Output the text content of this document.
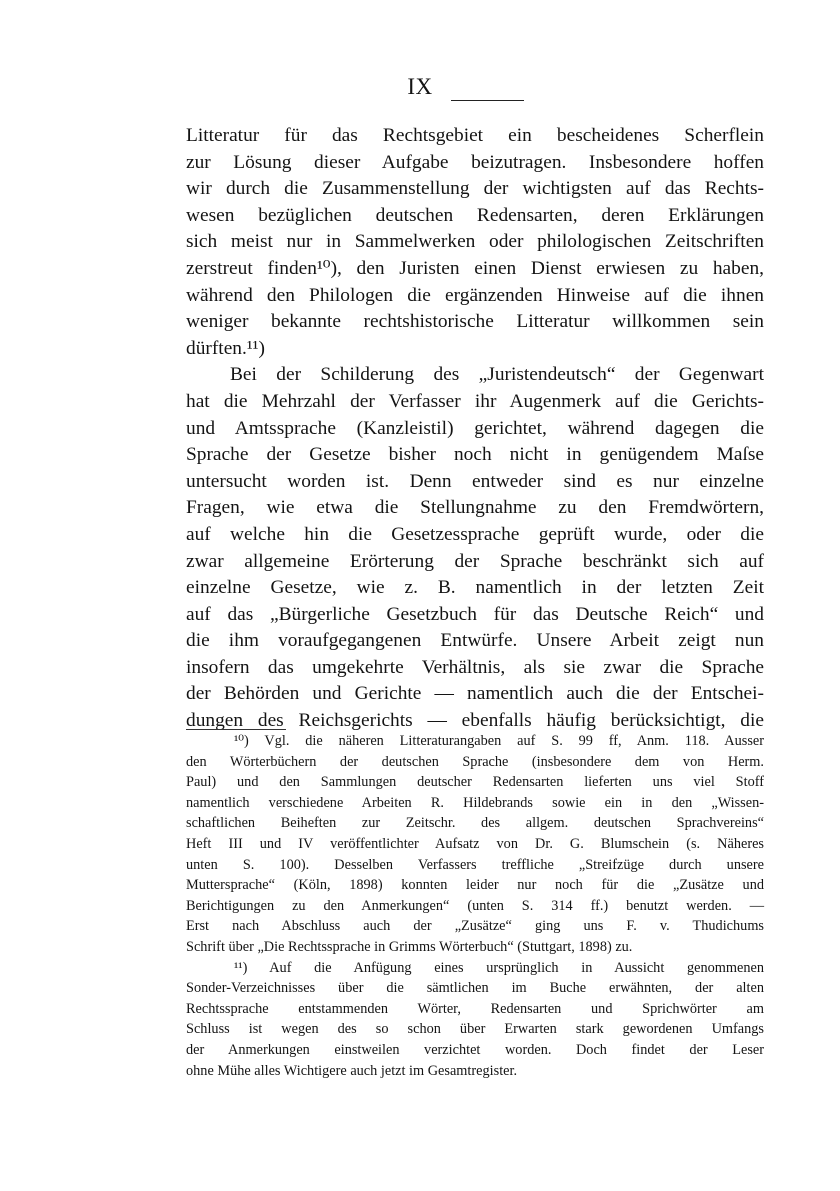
IX
Litteratur für das Rechtsgebiet ein bescheidenes Scherflein
zur Lösung dieser Aufgabe beizutragen. Insbesondere hoffen
wir durch die Zusammenstellung der wichtigsten auf das Rechts-
wesen bezüglichen deutschen Redensarten, deren Erklärungen
sich meist nur in Sammelwerken oder philologischen Zeitschriften
zerstreut finden¹⁰), den Juristen einen Dienst erwiesen zu haben,
während den Philologen die ergänzenden Hinweise auf die ihnen
weniger bekannte rechtshistorische Litteratur willkommen sein
dürften.¹¹)
Bei der Schilderung des „Juristendeutsch“ der Gegenwart
hat die Mehrzahl der Verfasser ihr Augenmerk auf die Gerichts-
und Amtssprache (Kanzleistil) gerichtet, während dagegen die
Sprache der Gesetze bisher noch nicht in genügendem Maſse
untersucht worden ist. Denn entweder sind es nur einzelne
Fragen, wie etwa die Stellungnahme zu den Fremdwörtern,
auf welche hin die Gesetzessprache geprüft wurde, oder die
zwar allgemeine Erörterung der Sprache beschränkt sich auf
einzelne Gesetze, wie z. B. namentlich in der letzten Zeit
auf das „Bürgerliche Gesetzbuch für das Deutsche Reich“ und
die ihm voraufgegangenen Entwürfe. Unsere Arbeit zeigt nun
insofern das umgekehrte Verhältnis, als sie zwar die Sprache
der Behörden und Gerichte — namentlich auch die der Entschei-
dungen des Reichsgerichts — ebenfalls häufig berücksichtigt, die
¹⁰) Vgl. die näheren Litteraturangaben auf S. 99 ff, Anm. 118. Ausser
den Wörterbüchern der deutschen Sprache (insbesondere dem von Herm.
Paul) und den Sammlungen deutscher Redensarten lieferten uns viel Stoff
namentlich verschiedene Arbeiten R. Hildebrands sowie ein in den „Wissen-
schaftlichen Beiheften zur Zeitschr. des allgem. deutschen Sprachvereins“
Heft III und IV veröffentlichter Aufsatz von Dr. G. Blumschein (s. Näheres
unten S. 100). Desselben Verfassers treffliche „Streifzüge durch unsere
Muttersprache“ (Köln, 1898) konnten leider nur noch für die „Zusätze und
Berichtigungen zu den Anmerkungen“ (unten S. 314 ff.) benutzt werden. —
Erst nach Abschluss auch der „Zusätze“ ging uns F. v. Thudichums
Schrift über „Die Rechtssprache in Grimms Wörterbuch“ (Stuttgart, 1898) zu.
¹¹) Auf die Anfügung eines ursprünglich in Aussicht genommenen
Sonder-Verzeichnisses über die sämtlichen im Buche erwähnten, der alten
Rechtssprache entstammenden Wörter, Redensarten und Sprichwörter am
Schluss ist wegen des so schon über Erwarten stark gewordenen Umfangs
der Anmerkungen einstweilen verzichtet worden. Doch findet der Leser
ohne Mühe alles Wichtigere auch jetzt im Gesamtregister.
